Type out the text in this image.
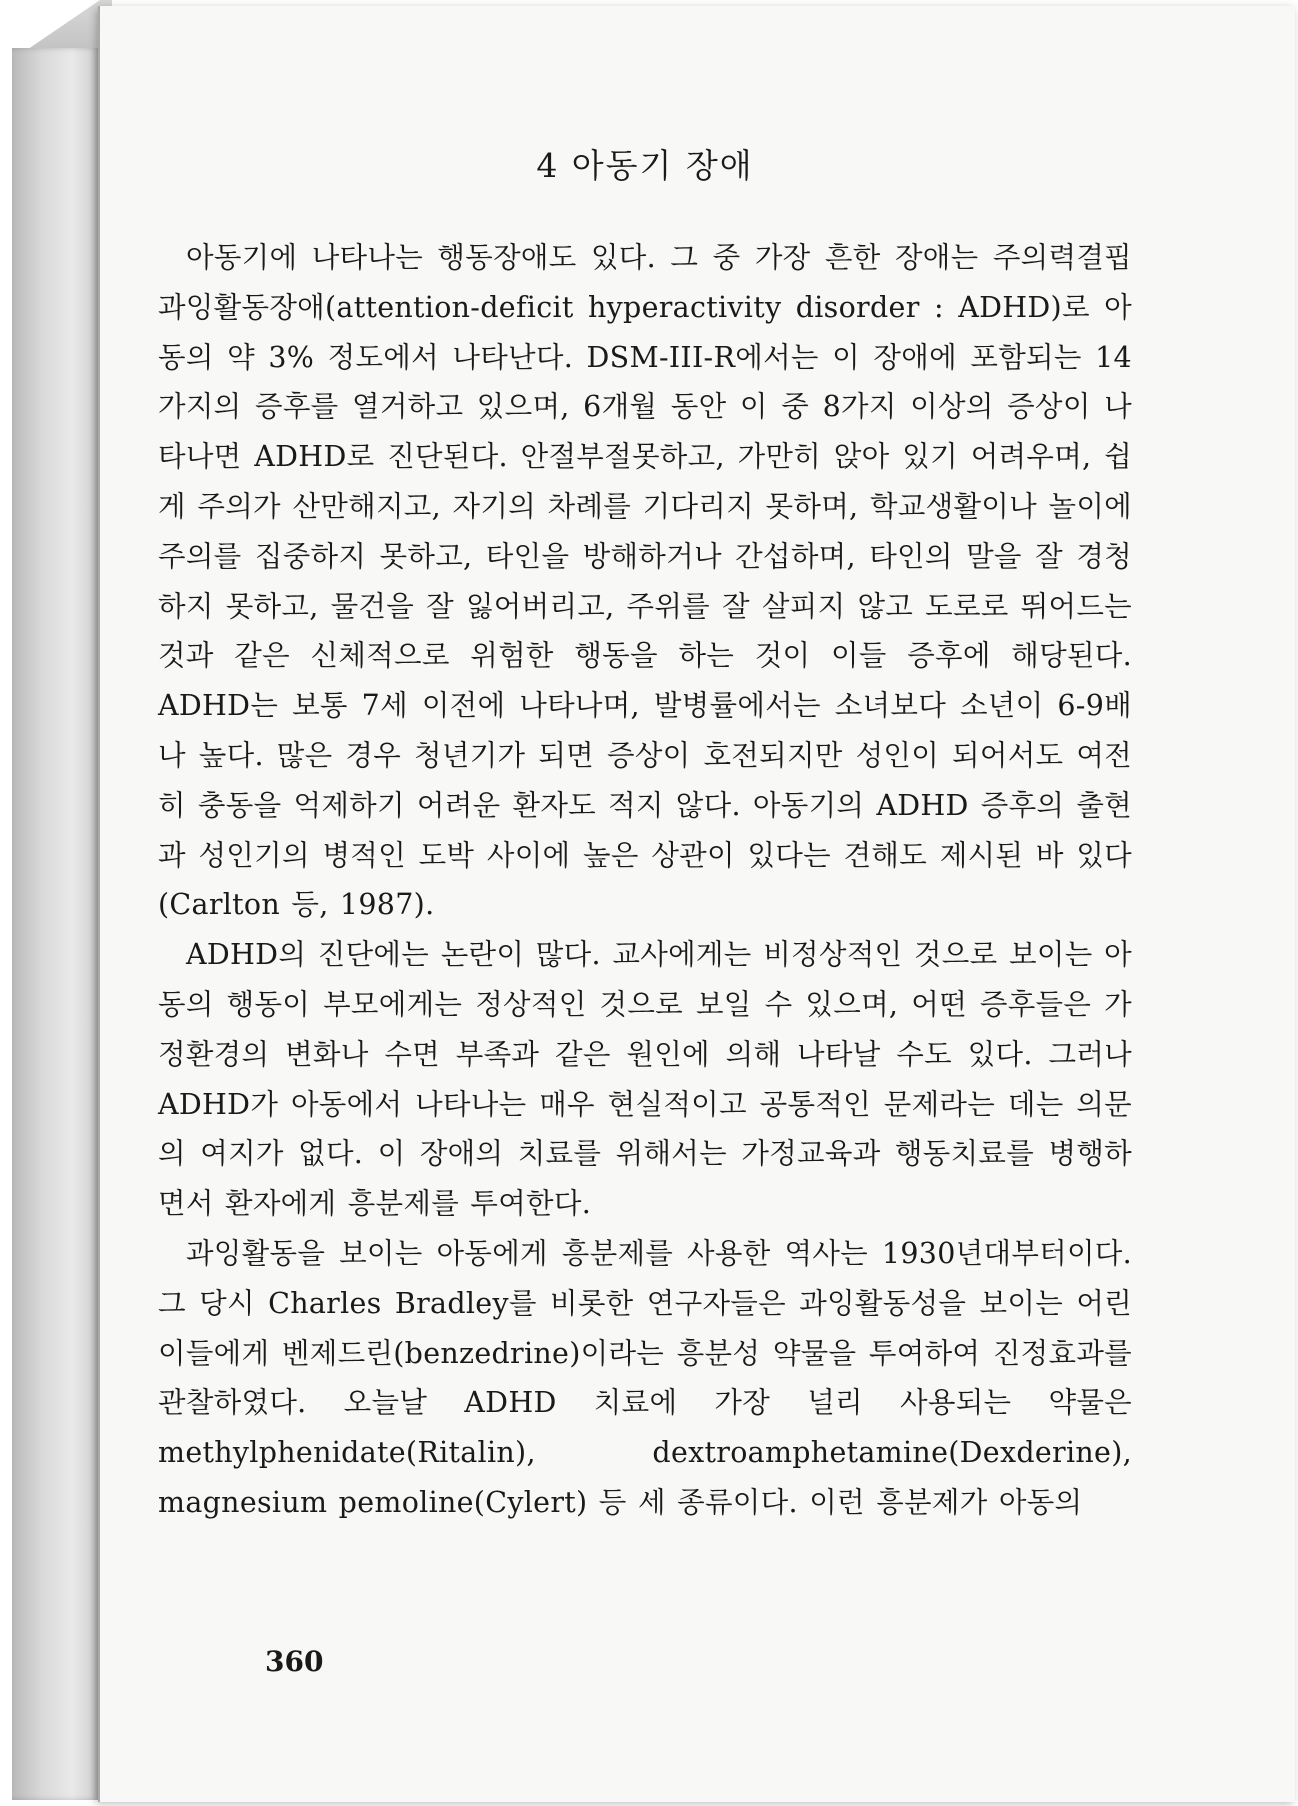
4 아동기 장애

아동기에 나타나는 행동장애도 있다. 그 중 가장 흔한 장애는 주의력결핍 과잉활동장애(attention-deficit hyperactivity disorder : ADHD)로 아동의 약 3% 정도에서 나타난다. DSM-III-R에서는 이 장애에 포함되는 14가지의 증후를 열거하고 있으며, 6개월 동안 이 중 8가지 이상의 증상이 나타나면 ADHD로 진단된다. 안절부절못하고, 가만히 앉아 있기 어려우며, 쉽게 주의가 산만해지고, 자기의 차례를 기다리지 못하며, 학교생활이나 놀이에 주의를 집중하지 못하고, 타인을 방해하거나 간섭하며, 타인의 말을 잘 경청하지 못하고, 물건을 잘 잃어버리고, 주위를 잘 살피지 않고 도로로 뛰어드는 것과 같은 신체적으로 위험한 행동을 하는 것이 이들 증후에 해당된다. ADHD는 보통 7세 이전에 나타나며, 발병률에서는 소녀보다 소년이 6-9배나 높다. 많은 경우 청년기가 되면 증상이 호전되지만 성인이 되어서도 여전히 충동을 억제하기 어려운 환자도 적지 않다. 아동기의 ADHD 증후의 출현과 성인기의 병적인 도박 사이에 높은 상관이 있다는 견해도 제시된 바 있다(Carlton 등, 1987).

ADHD의 진단에는 논란이 많다. 교사에게는 비정상적인 것으로 보이는 아동의 행동이 부모에게는 정상적인 것으로 보일 수 있으며, 어떤 증후들은 가정환경의 변화나 수면 부족과 같은 원인에 의해 나타날 수도 있다. 그러나 ADHD가 아동에서 나타나는 매우 현실적이고 공통적인 문제라는 데는 의문의 여지가 없다. 이 장애의 치료를 위해서는 가정교육과 행동치료를 병행하면서 환자에게 흥분제를 투여한다.

과잉활동을 보이는 아동에게 흥분제를 사용한 역사는 1930년대부터이다. 그 당시 Charles Bradley를 비롯한 연구자들은 과잉활동성을 보이는 어린이들에게 벤제드린(benzedrine)이라는 흥분성 약물을 투여하여 진정효과를 관찰하였다. 오늘날 ADHD 치료에 가장 널리 사용되는 약물은 methylphenidate(Ritalin), dextroamphetamine(Dexderine), magnesium pemoline(Cylert) 등 세 종류이다. 이런 흥분제가 아동의

360
